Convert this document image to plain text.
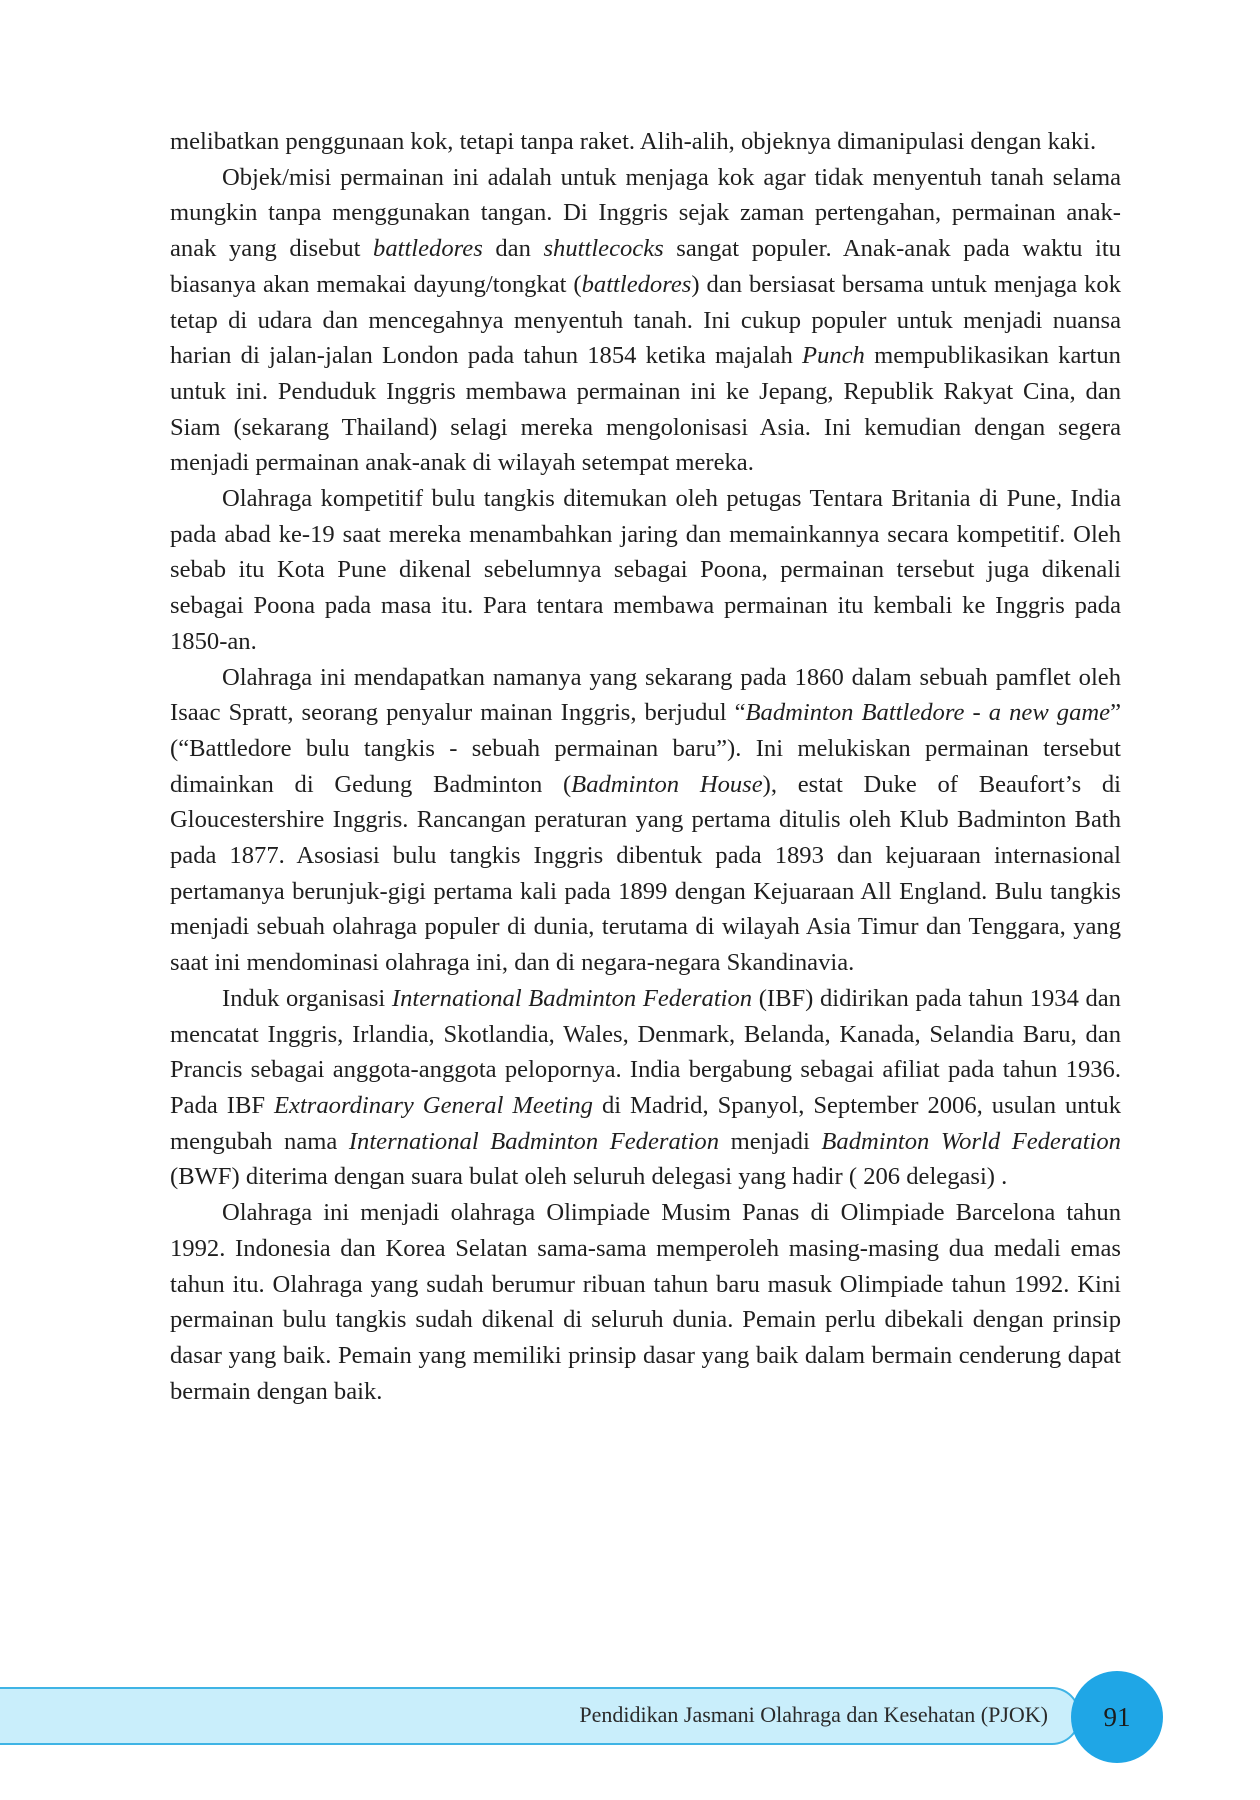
melibatkan penggunaan kok, tetapi tanpa raket. Alih-alih, objeknya dimanipulasi dengan kaki.

Objek/misi permainan ini adalah untuk menjaga kok agar tidak menyentuh tanah selama mungkin tanpa menggunakan tangan. Di Inggris sejak zaman pertengahan, permainan anak-anak yang disebut battledores dan shuttlecocks sangat populer. Anak-anak pada waktu itu biasanya akan memakai dayung/tongkat (battledores) dan bersiasat bersama untuk menjaga kok tetap di udara dan mencegahnya menyentuh tanah. Ini cukup populer untuk menjadi nuansa harian di jalan-jalan London pada tahun 1854 ketika majalah Punch mempublikasikan kartun untuk ini. Penduduk Inggris membawa permainan ini ke Jepang, Republik Rakyat Cina, dan Siam (sekarang Thailand) selagi mereka mengolonisasi Asia. Ini kemudian dengan segera menjadi permainan anak-anak di wilayah setempat mereka.

Olahraga kompetitif bulu tangkis ditemukan oleh petugas Tentara Britania di Pune, India pada abad ke-19 saat mereka menambahkan jaring dan memainkannya secara kompetitif. Oleh sebab itu Kota Pune dikenal sebelumnya sebagai Poona, permainan tersebut juga dikenali sebagai Poona pada masa itu. Para tentara membawa permainan itu kembali ke Inggris pada 1850-an.

Olahraga ini mendapatkan namanya yang sekarang pada 1860 dalam sebuah pamflet oleh Isaac Spratt, seorang penyalur mainan Inggris, berjudul “Badminton Battledore - a new game” (“Battledore bulu tangkis - sebuah permainan baru”). Ini melukiskan permainan tersebut dimainkan di Gedung Badminton (Badminton House), estat Duke of Beaufort’s di Gloucestershire Inggris. Rancangan peraturan yang pertama ditulis oleh Klub Badminton Bath pada 1877. Asosiasi bulu tangkis Inggris dibentuk pada 1893 dan kejuaraan internasional pertamanya berunjuk-gigi pertama kali pada 1899 dengan Kejuaraan All England. Bulu tangkis menjadi sebuah olahraga populer di dunia, terutama di wilayah Asia Timur dan Tenggara, yang saat ini mendominasi olahraga ini, dan di negara-negara Skandinavia.

Induk organisasi International Badminton Federation (IBF) didirikan pada tahun 1934 dan mencatat Inggris, Irlandia, Skotlandia, Wales, Denmark, Belanda, Kanada, Selandia Baru, dan Prancis sebagai anggota-anggota pelopornya. India bergabung sebagai afiliat pada tahun 1936. Pada IBF Extraordinary General Meeting di Madrid, Spanyol, September 2006, usulan untuk mengubah nama International Badminton Federation menjadi Badminton World Federation (BWF) diterima dengan suara bulat oleh seluruh delegasi yang hadir ( 206 delegasi) .

Olahraga ini menjadi olahraga Olimpiade Musim Panas di Olimpiade Barcelona tahun 1992. Indonesia dan Korea Selatan sama-sama memperoleh masing-masing dua medali emas tahun itu. Olahraga yang sudah berumur ribuan tahun baru masuk Olimpiade tahun 1992. Kini permainan bulu tangkis sudah dikenal di seluruh dunia. Pemain perlu dibekali dengan prinsip dasar yang baik. Pemain yang memiliki prinsip dasar yang baik dalam bermain cenderung dapat bermain dengan baik.

Pendidikan Jasmani Olahraga dan Kesehatan (PJOK) 91
